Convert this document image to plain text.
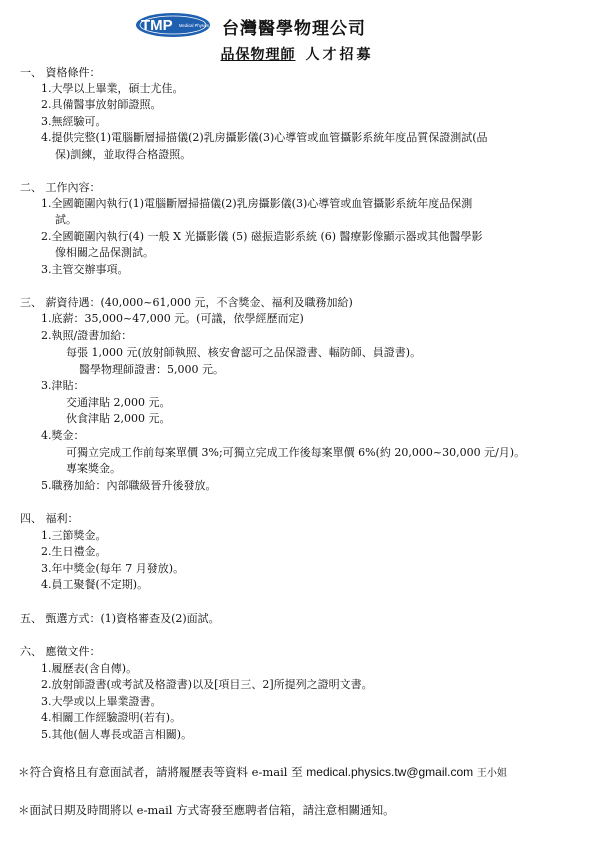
TMP Medical Physics 台灣醫學物理公司
品保物理師 人才招募
一、 資格條件：
1.大學以上畢業，碩士尤佳。
2.具備醫事放射師證照。
3.無經驗可。
4.提供完整(1)電腦斷層掃描儀(2)乳房攝影儀(3)心導管或血管攝影系統年度品質保證測試(品
保)訓練，並取得合格證照。
二、 工作內容：
1.全國範圍內執行(1)電腦斷層掃描儀(2)乳房攝影儀(3)心導管或血管攝影系統年度品保測
試。
2.全國範圍內執行(4) 一般 X 光攝影儀 (5) 磁振造影系統 (6) 醫療影像顯示器或其他醫學影
像相關之品保測試。
3.主管交辦事項。
三、 薪資待遇：(40,000~61,000 元，不含獎金、福利及職務加給)
1.底薪：35,000~47,000 元。(可議，依學經歷而定)
2.執照/證書加給：
每張 1,000 元(放射師執照、核安會認可之品保證書、輻防師、員證書)。
醫學物理師證書：5,000 元。
3.津貼：
交通津貼 2,000 元。
伙食津貼 2,000 元。
4.獎金：
可獨立完成工作前每案單價 3%;可獨立完成工作後每案單價 6%(約 20,000~30,000 元/月)。
專案獎金。
5.職務加給：內部職級晉升後發放。
四、 福利：
1.三節獎金。
2.生日禮金。
3.年中獎金(每年 7 月發放)。
4.員工聚餐(不定期)。
五、 甄選方式：(1)資格審查及(2)面試。
六、 應徵文件：
1.履歷表(含自傳)。
2.放射師證書(或考試及格證書)以及[項目三、2]所提列之證明文書。
3.大學或以上畢業證書。
4.相關工作經驗證明(若有)。
5.其他(個人專長或語言相關)。
＊符合資格且有意面試者，請將履歷表等資料 e-mail 至 medical.physics.tw@gmail.com 王小姐
＊面試日期及時間將以 e-mail 方式寄發至應聘者信箱，請注意相關通知。
